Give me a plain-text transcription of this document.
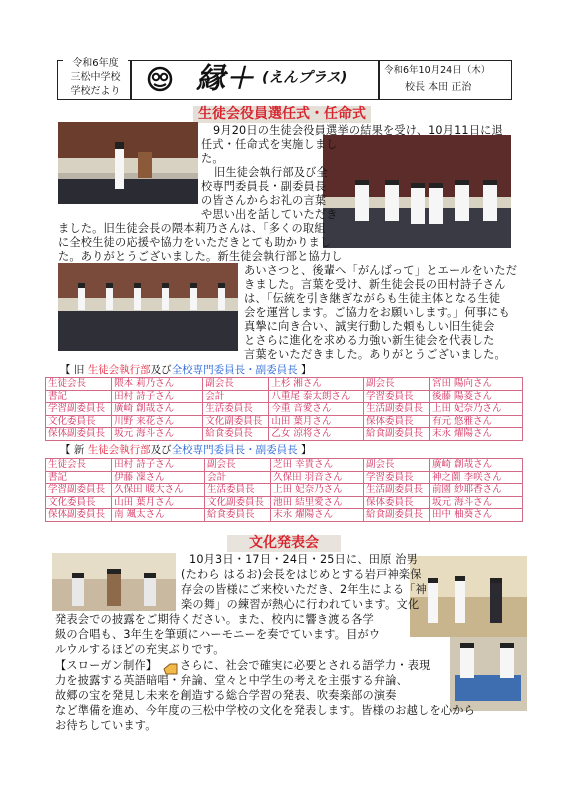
令和6年度
三松中学校
学校だより	縁＋ (えんプラス)	令和6年10月24日（木）
校長 本田 正治
生徒会役員選任式・任命式
9月20日の生徒会役員選挙の結果を受け、10月11日に退
任式・任命式を実施しまし
た。
旧生徒会執行部及び全
校専門委員長・副委員長
の皆さんからお礼の言葉
や思い出を話していただき
ました。旧生徒会長の隈本莉乃さんは、「多くの取組
に全校生徒の応援や協力をいただきとても助かりまし
た。ありがとうございました。新生徒会執行部と協力し
あいさつと、後輩へ「がんばって」とエールをいただ
きました。言葉を受け、新生徒会長の田村詩子さん
は、「伝統を引き継ぎながらも生徒主体となる生徒
会を運営します。ご協力をお願いします。」何事にも
真摯に向き合い、誠実行動した頼もしい旧生徒会
とさらに進化を求める力強い新生徒会を代表した
言葉をいただきました。ありがとうございました。
【 旧 生徒会執行部及び全校専門委員長・副委員長 】
生徒会長	隈本 莉乃さん	副会長	上杉 湘さん	副会長	宮田 陽向さん
書記	田村 詩子さん	会計	八重尾 泰太朗さん	学習委員長	後藤 陽菱さん
学習副委員長	廣崎 創哉さん	生活委員長	今重 音愛さん	生活副委員長	上田 妃奈乃さん
文化委員長	川野 来花さん	文化副委員長	山田 葉月さん	保体委員長	有元 悠雅さん
保体副委員長	坂元 海斗さん	給食委員長	乙女 涼将さん	給食副委員長	末永 燿陽さん
【 新 生徒会執行部及び全校専門委員長・副委員長 】
生徒会長	田村 詩子さん	副会長	芝田 幸貴さん	副会長	廣崎 創哉さん
書記	伊藤 凜さん	会計	久保田 羽音さん	学習委員長	神之薗 李咲さん
学習副委員長	久保田 暖大さん	生活委員長	上田 妃奈乃さん	生活副委員長	前園 紗耶香さん
文化委員長	山田 葉月さん	文化副委員長	池田 結里愛さん	保体委員長	坂元 海斗さん
保体副委員長	南 颯太さん	給食委員長	末永 燿陽さん	給食副委員長	田中 柚葵さん
文化発表会
10月3日・17日・24日・25日に、田原 治男
(たわら はるお)会長をはじめとする岩戸神楽保
存会の皆様にご来校いただき、2年生による「神
楽の舞」の練習が熱心に行われています。文化
発表会での披露をご期待ください。また、校内に響き渡る各学
級の合唱も、3年生を筆頭にハーモニーを奏でています。目がウ
ルウルするほどの充実ぶりです。
【スローガン制作】 さらに、社会で確実に必要とされる語学力・表現
力を披露する英語暗唱・弁論、堂々と中学生の考えを主張する弁論、
故郷の宝を発見し未来を創造する総合学習の発表、吹奏楽部の演奏
など準備を進め、今年度の三松中学校の文化を発表します。皆様のお越しを心から
お待ちしています。
